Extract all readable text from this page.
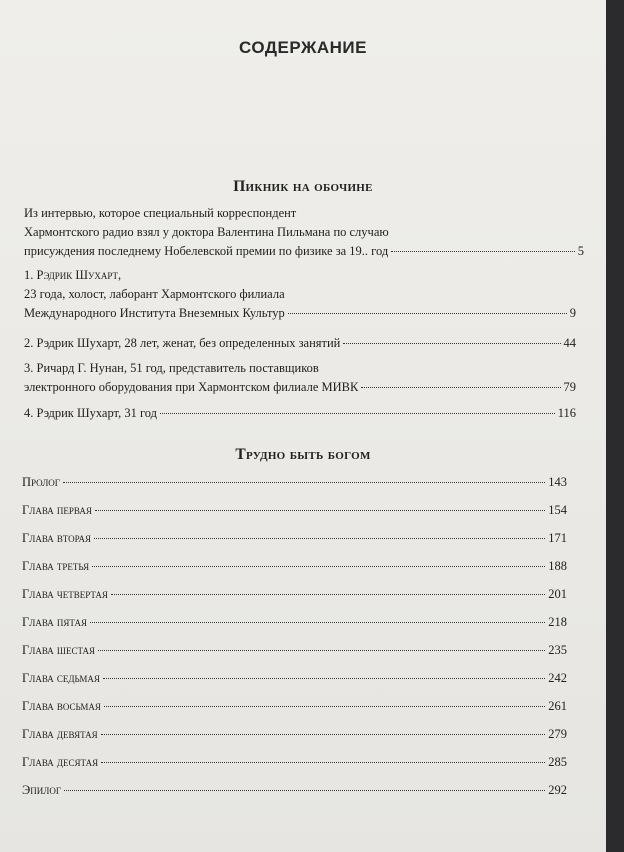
СОДЕРЖАНИЕ
Пикник на обочине
Из интервью, которое специальный корреспондент
Хармонтского радио взял у доктора Валентина Пильмана по случаю
присуждения последнему Нобелевской премии по физике за 19.. год	5
1. Рэдрик Шухарт,
23 года, холост, лаборант Хармонтского филиала
Международного Института Внеземных Культур	9
2. Рэдрик Шухарт, 28 лет, женат, без определенных занятий	44
3. Ричард Г. Нунан, 51 год, представитель поставщиков
электронного оборудования при Хармонтском филиале МИВК	79
4. Рэдрик Шухарт, 31 год	116
Трудно быть богом
Пролог	143
Глава первая	154
Глава вторая	171
Глава третья	188
Глава четвертая	201
Глава пятая	218
Глава шестая	235
Глава седьмая	242
Глава восьмая	261
Глава девятая	279
Глава десятая	285
Эпилог	292
